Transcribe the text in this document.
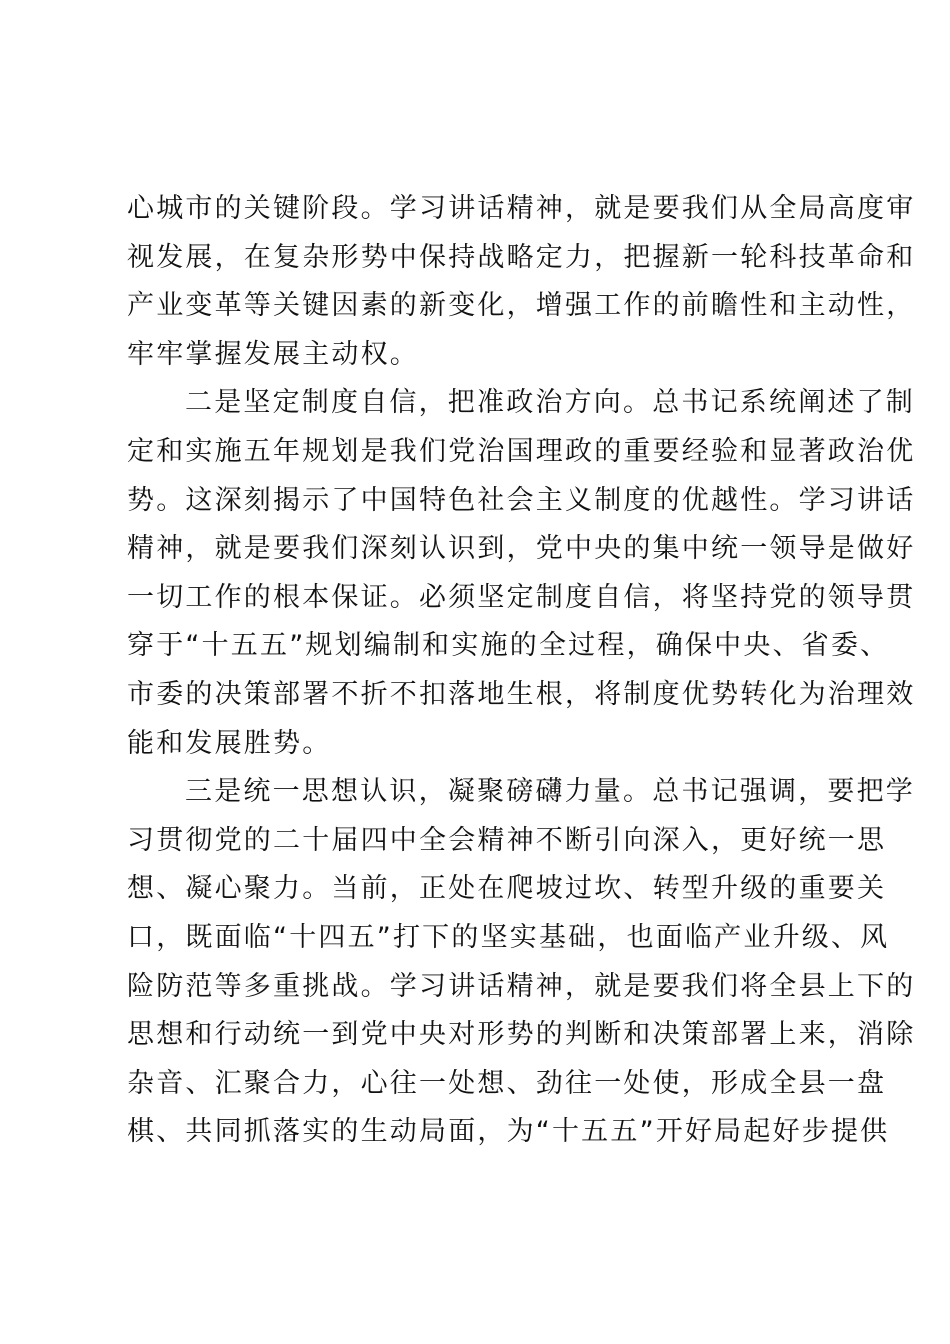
心城市的关键阶段。学习讲话精神，就是要我们从全局高度审
视发展，在复杂形势中保持战略定力，把握新一轮科技革命和
产业变革等关键因素的新变化，增强工作的前瞻性和主动性，
牢牢掌握发展主动权。
二是坚定制度自信，把准政治方向。总书记系统阐述了制
定和实施五年规划是我们党治国理政的重要经验和显著政治优
势。这深刻揭示了中国特色社会主义制度的优越性。学习讲话
精神，就是要我们深刻认识到，党中央的集中统一领导是做好
一切工作的根本保证。必须坚定制度自信，将坚持党的领导贯
穿于“十五五”规划编制和实施的全过程，确保中央、省委、
市委的决策部署不折不扣落地生根，将制度优势转化为治理效
能和发展胜势。
三是统一思想认识，凝聚磅礴力量。总书记强调，要把学
习贯彻党的二十届四中全会精神不断引向深入，更好统一思
想、凝心聚力。当前，正处在爬坡过坎、转型升级的重要关
口，既面临“十四五”打下的坚实基础，也面临产业升级、风
险防范等多重挑战。学习讲话精神，就是要我们将全县上下的
思想和行动统一到党中央对形势的判断和决策部署上来，消除
杂音、汇聚合力，心往一处想、劲往一处使，形成全县一盘
棋、共同抓落实的生动局面，为“十五五”开好局起好步提供
